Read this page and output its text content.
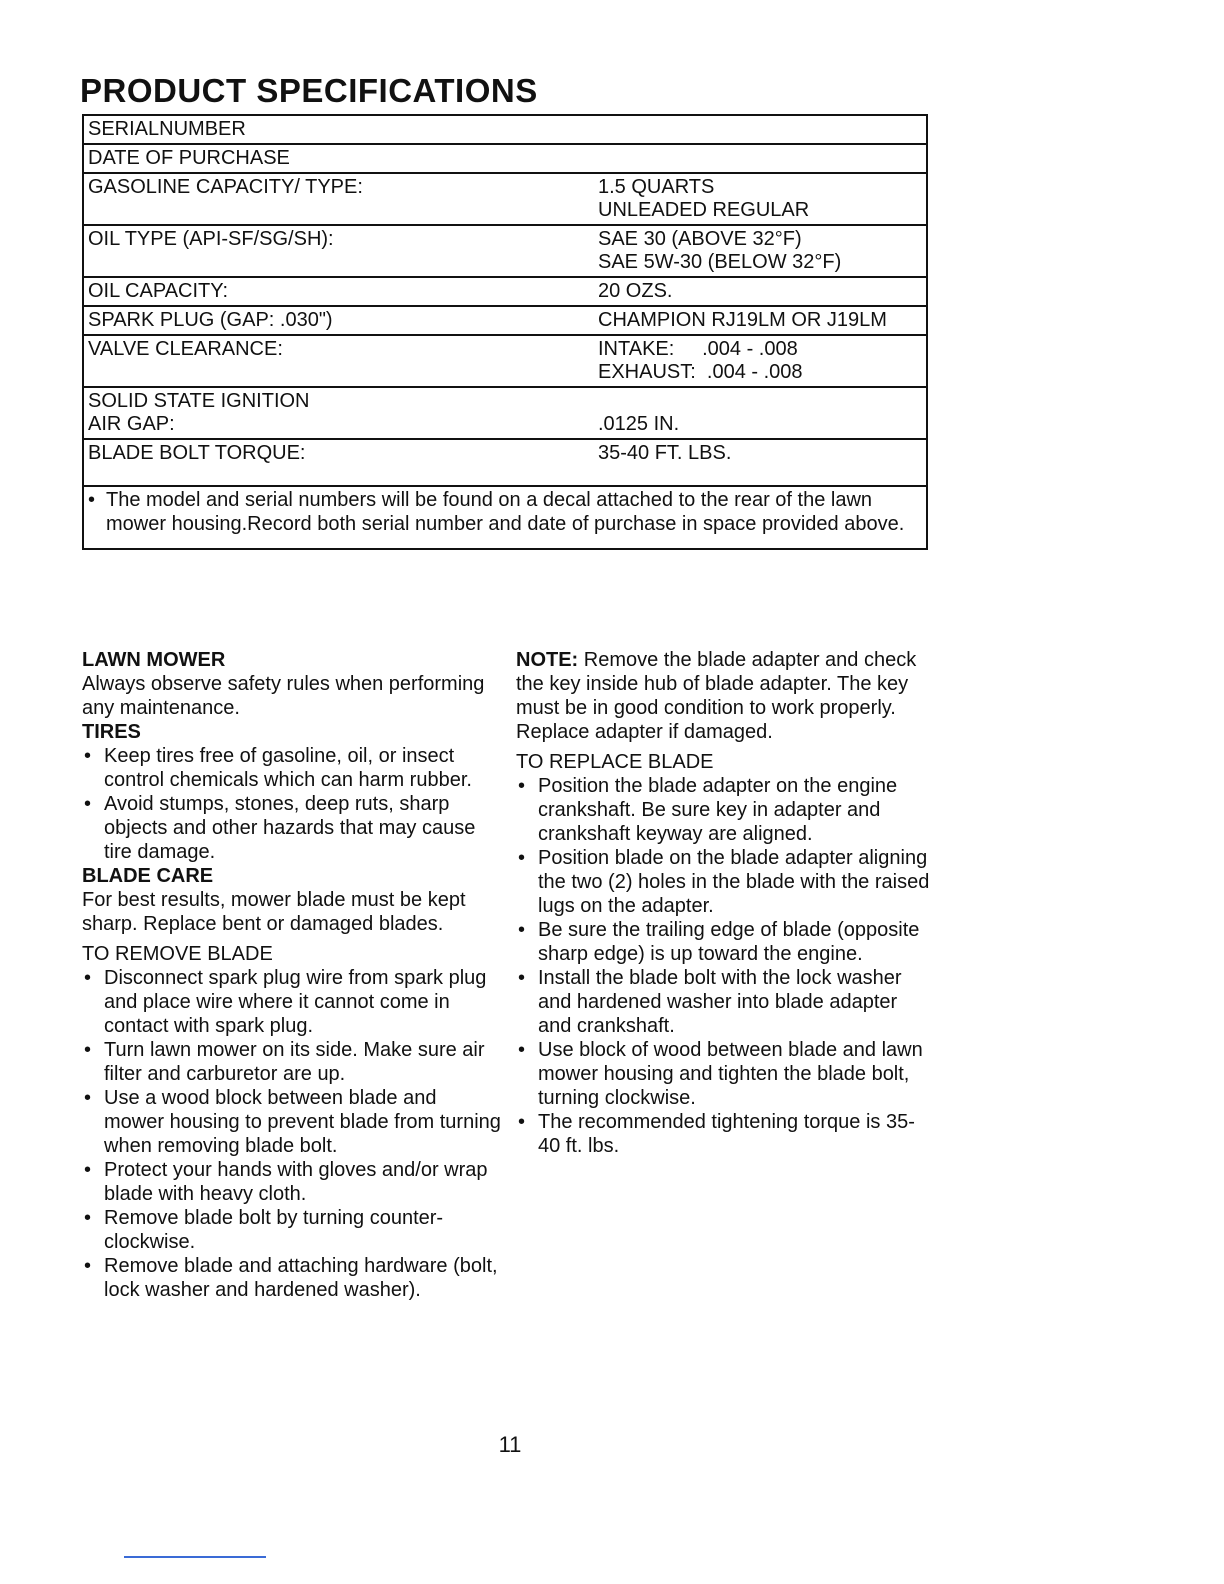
PRODUCT SPECIFICATIONS
SERIALNUMBER
DATE OF PURCHASE
GASOLINE CAPACITY/ TYPE:	1.5 QUARTS
UNLEADED REGULAR
OIL TYPE (API-SF/SG/SH):	SAE 30 (ABOVE 32°F)
SAE 5W-30 (BELOW 32°F)
OIL CAPACITY:	20 OZS.
SPARK PLUG (GAP: .030")	CHAMPION RJ19LM OR J19LM
VALVE CLEARANCE:	INTAKE:     .004 - .008
EXHAUST:  .004 - .008
SOLID STATE IGNITION
AIR GAP:	
.0125 IN.
BLADE BOLT TORQUE:	35-40 FT. LBS.
• The model and serial numbers will be found on a decal attached to the rear of the lawn mower housing.Record both serial number and date of purchase in space provided above.

LAWN MOWER

Always observe safety rules when performing any maintenance.

TIRES

• Keep tires free of gasoline, oil, or insect control chemicals which can harm rubber.
• Avoid stumps, stones, deep ruts, sharp objects and other hazards that may cause tire damage.

BLADE CARE

For best results, mower blade must be kept sharp. Replace bent or damaged blades.

TO REMOVE BLADE

• Disconnect spark plug wire from spark plug and place wire where it cannot come in contact with spark plug.
• Turn lawn mower on its side. Make sure air filter and carburetor are up.
• Use a wood block between blade and mower housing to prevent blade from turning when removing blade bolt.
• Protect your hands with gloves and/or wrap blade with heavy cloth.
• Remove blade bolt by turning counter-clockwise.
• Remove blade and attaching hardware (bolt, lock washer and hardened washer).

NOTE: Remove the blade adapter and check the key inside hub of blade adapter. The key must be in good condition to work properly. Replace adapter if damaged.

TO REPLACE BLADE

• Position the blade adapter on the engine crankshaft. Be sure key in adapter and crankshaft keyway are aligned.
• Position blade on the blade adapter aligning the two (2) holes in the blade with the raised lugs on the adapter.
• Be sure the trailing edge of blade (opposite sharp edge) is up toward the engine.
• Install the blade bolt with the lock washer and hardened washer into blade adapter and crankshaft.
• Use block of wood between blade and lawn mower housing and tighten the blade bolt, turning clockwise.
• The recommended tightening torque is 35-40 ft. lbs.
11
